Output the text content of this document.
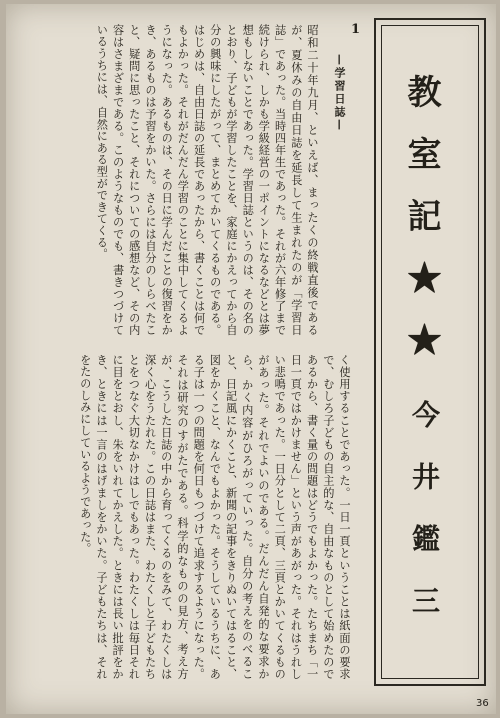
教室記★★
今井鑑三
1
—学習日誌—
昭和二十年九月、といえば、まったくの終戦直後であるが、夏休みの自由日誌を延長して生まれたのが「学習日誌」であった。当時四年生であった。それが六年修了まで続けられ、しかも学級経営の一ポイントになるなどとは夢想もしないことであった。学習日誌というのは、その名のとおり、子どもが学習したことを、家庭にかえってから自分の興味にしたがって、まとめてかいてくるものである。はじめは、自由日誌の延長であったから、書くことは何でもよかった。それがだんだん学習のことに集中してくるようになった。あるものは、その日に学んだことの復習をかき、あるものは予習をかいた。さらには自分のしらべたこと、疑問に思ったこと、それについての感想など、その内容はさまざまである。このようなものでも、書きつづけているうちには、自然にある型ができてくる。
く使用することであった。一日一頁ということは紙面の要求で、むしろ子どもの自主的な、自由なものとして始めたのであるから、書く量の問題はどうでもよかった。たちまち「一日一頁ではかけません」という声があがった。それはうれしい悲鳴であった。一日分として二頁、三頁とかいてくるものがあった。それでよいのである。だんだん自発的な要求から、かく内容がひろがっていった。自分の考えをのべること、日記風にかくこと、新聞の記事をきりぬいてはること、図をかくこと、なんでもよかった。そうしているうちに、ある子は一つの問題を何日もつづけて追求するようになった。それは研究のすがたである。科学的なものの見方、考え方が、こうした日誌の中から育ってくるのをみて、わたくしは深く心をうたれた。この日誌はまた、わたくしと子どもたちとをつなぐ大切なかけはしでもあった。わたくしは毎日それに目をとおし、朱をいれてかえした。ときには長い批評をかき、ときには一言のはげましをかいた。子どもたちは、それをたのしみにしているようであった。
36
